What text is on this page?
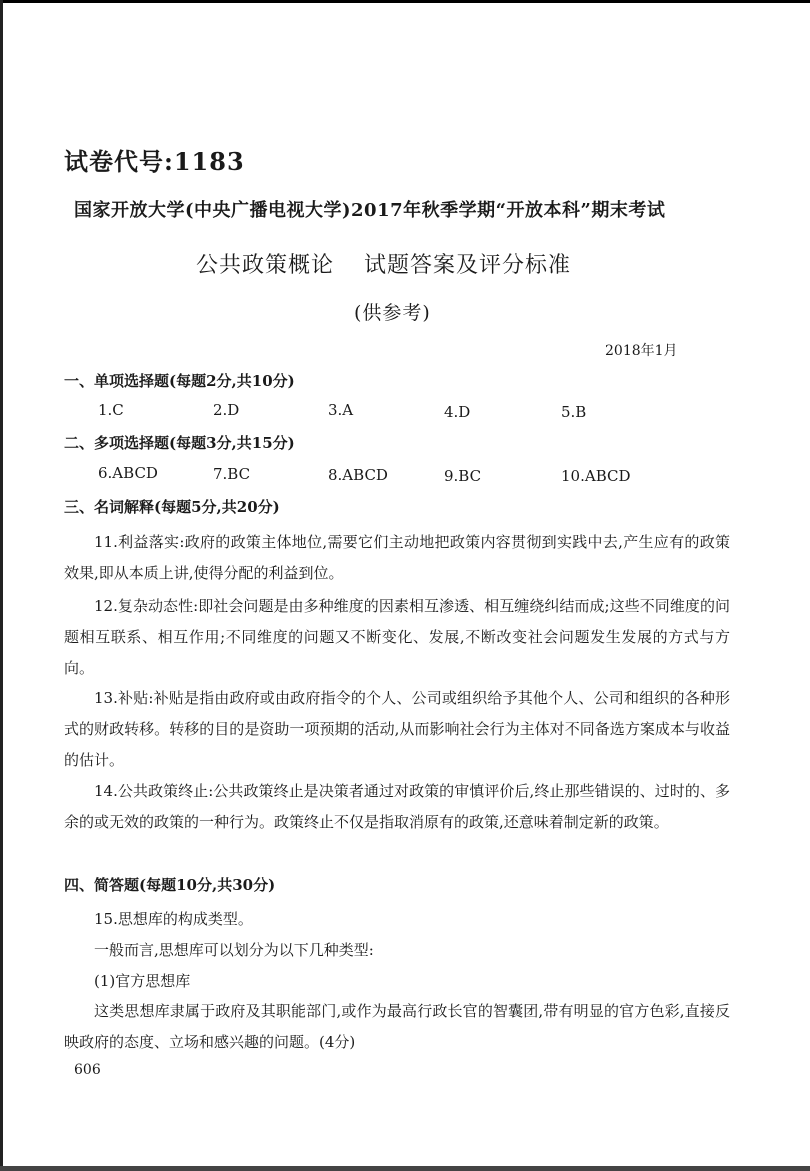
试卷代号:1183
国家开放大学(中央广播电视大学)2017年秋季学期“开放本科”期末考试
公共政策概论 试题答案及评分标准
(供参考)
2018年1月
一、单项选择题(每题2分,共10分)
1.C	2.D	3.A	4.D	5.B
二、多项选择题(每题3分,共15分)
6.ABCD	7.BC	8.ABCD	9.BC	10.ABCD
三、名词解释(每题5分,共20分)
11.利益落实:政府的政策主体地位,需要它们主动地把政策内容贯彻到实践中去,产生应有的政策效果,即从本质上讲,使得分配的利益到位。
12.复杂动态性:即社会问题是由多种维度的因素相互渗透、相互缠绕纠结而成;这些不同维度的问题相互联系、相互作用;不同维度的问题又不断变化、发展,不断改变社会问题发生发展的方式与方向。
13.补贴:补贴是指由政府或由政府指令的个人、公司或组织给予其他个人、公司和组织的各种形式的财政转移。转移的目的是资助一项预期的活动,从而影响社会行为主体对不同备选方案成本与收益的估计。
14.公共政策终止:公共政策终止是决策者通过对政策的审慎评价后,终止那些错误的、过时的、多余的或无效的政策的一种行为。政策终止不仅是指取消原有的政策,还意味着制定新的政策。
四、简答题(每题10分,共30分)
15.思想库的构成类型。
一般而言,思想库可以划分为以下几种类型:
(1)官方思想库
这类思想库隶属于政府及其职能部门,或作为最高行政长官的智囊团,带有明显的官方色彩,直接反映政府的态度、立场和感兴趣的问题。(4分)
606
